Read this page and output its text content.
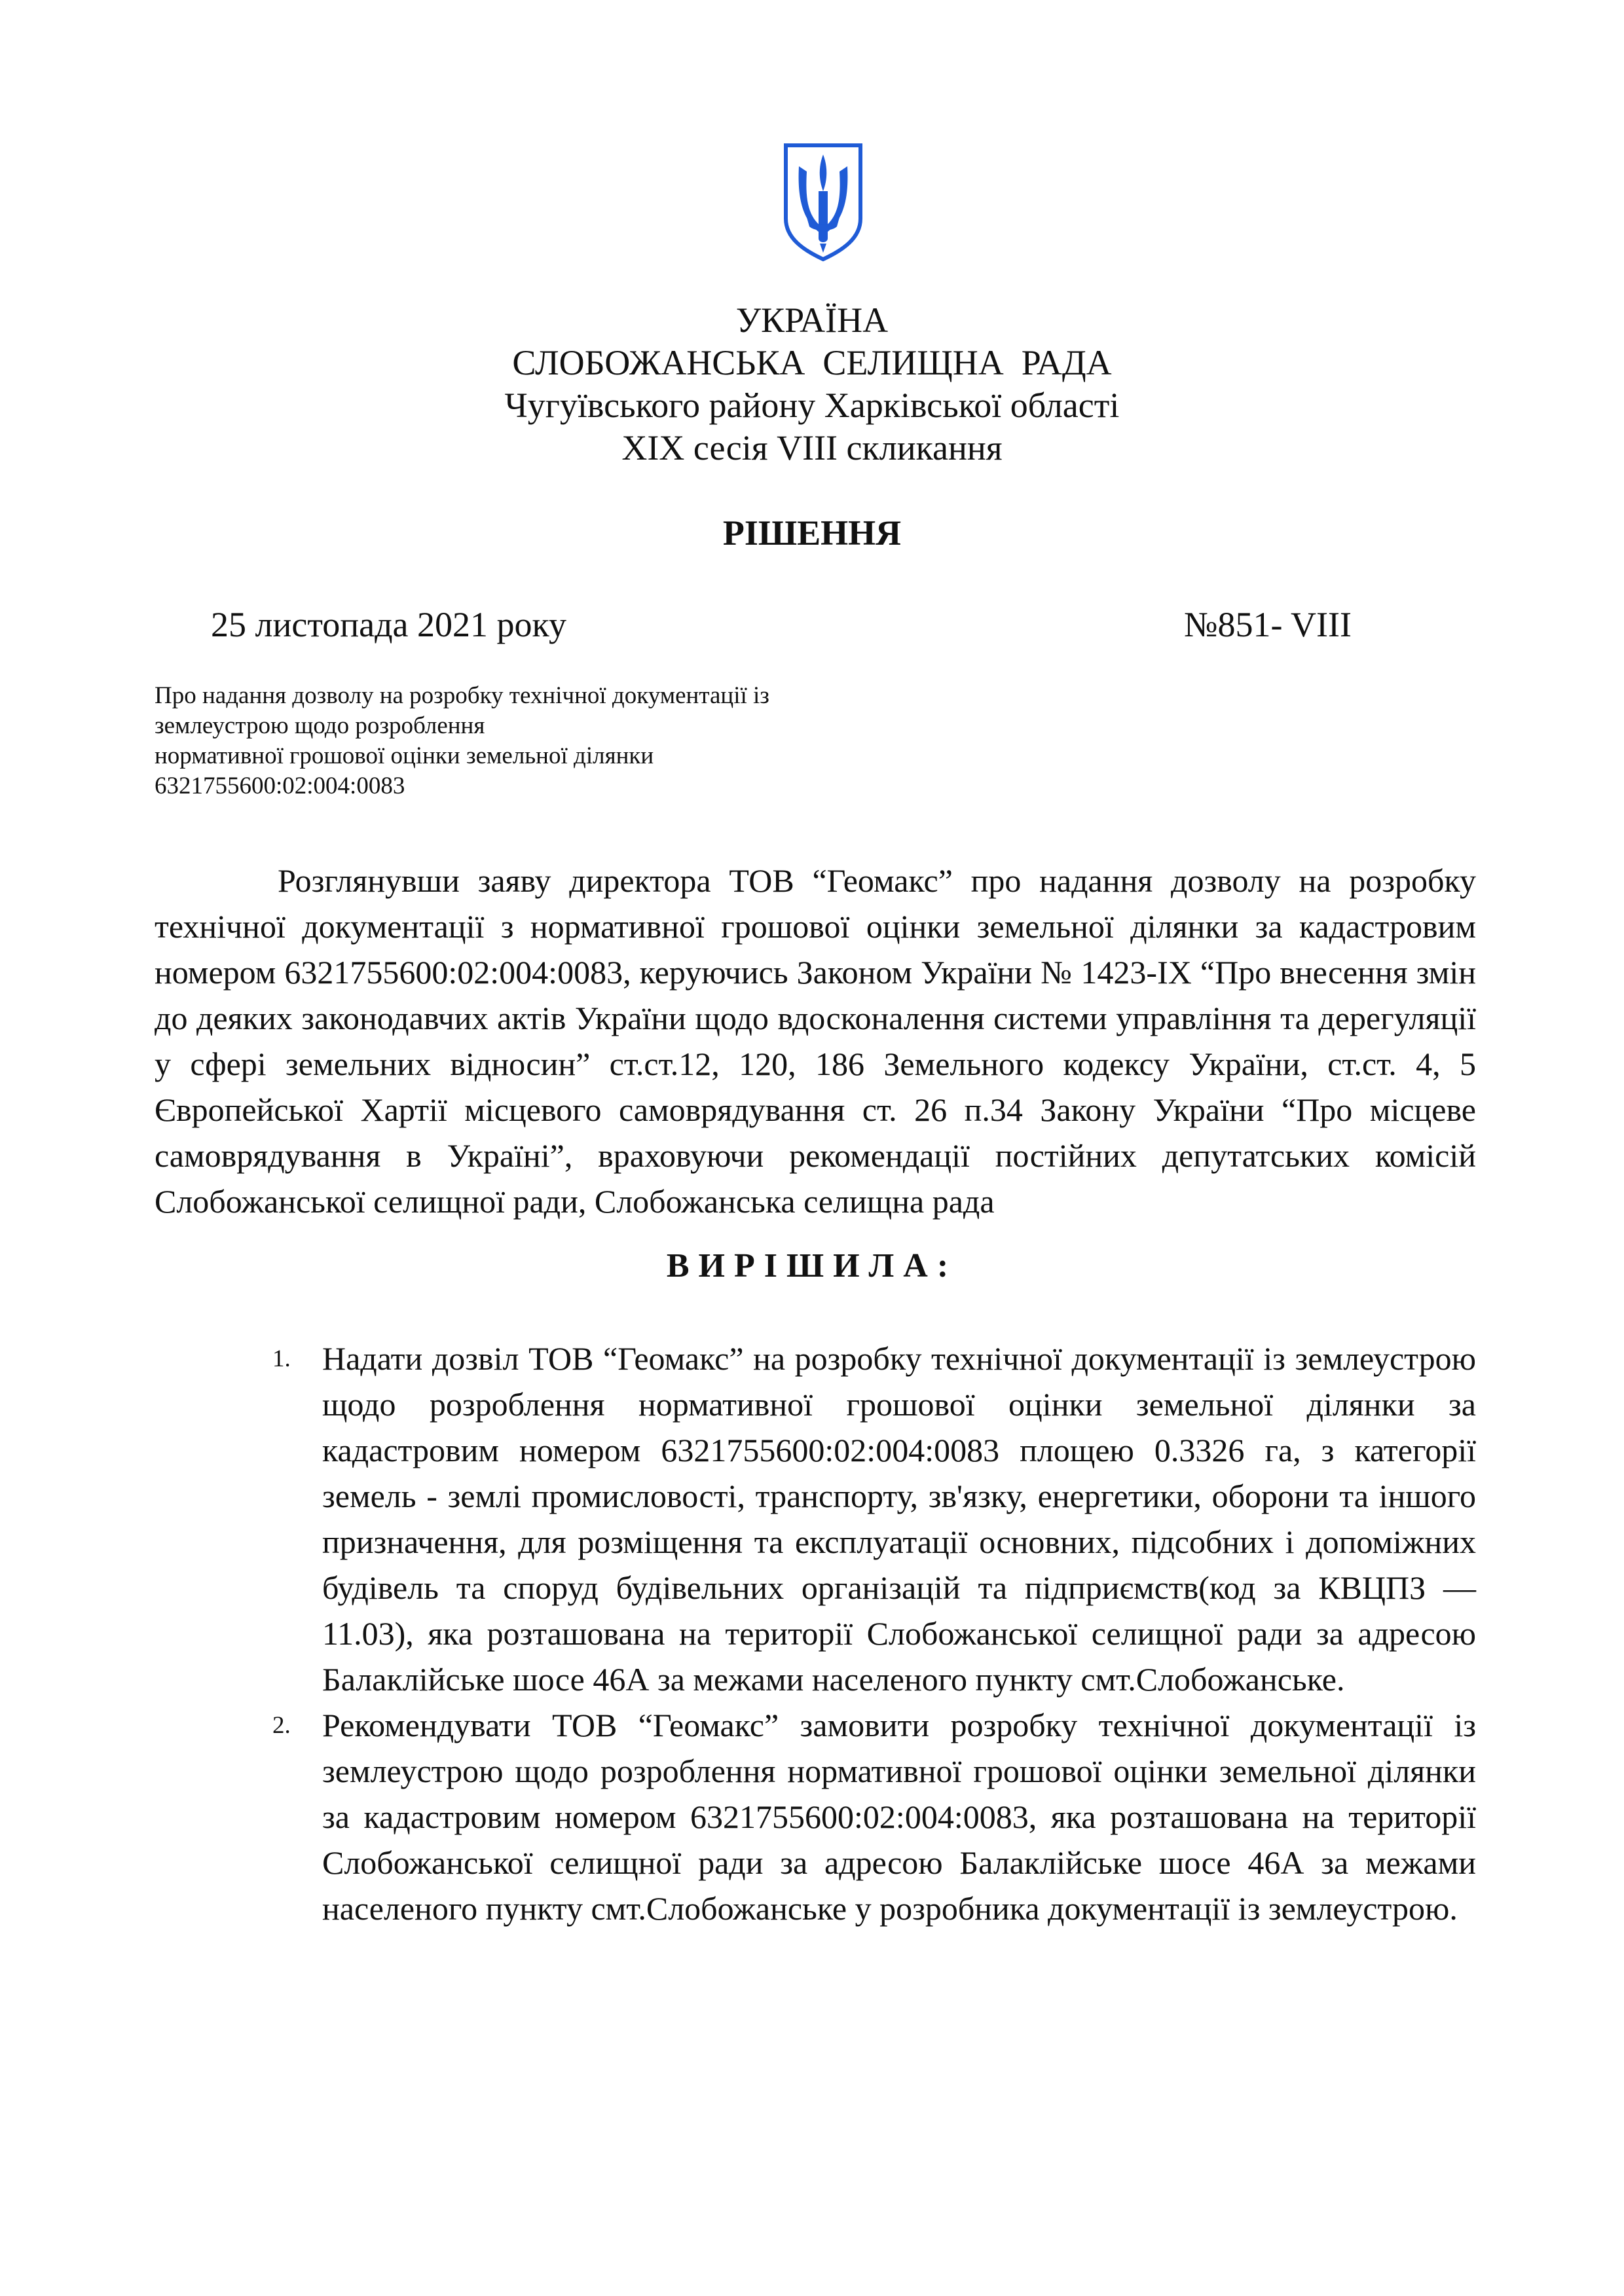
УКРАЇНА
СЛОБОЖАНСЬКА  СЕЛИЩНА  РАДА
Чугуївського району Харківської області
XIX сесія VIII скликання
РІШЕННЯ
25 листопада 2021 року	№851- VIII
Про надання дозволу на розробку технічної документації із
землеустрою щодо розроблення
нормативної грошової оцінки земельної ділянки
6321755600:02:004:0083
Розглянувши заяву директора ТОВ “Геомакс” про надання дозволу на розробку технічної документації з нормативної грошової оцінки земельної ділянки за кадастровим номером 6321755600:02:004:0083, керуючись Законом України № 1423-IX “Про внесення змін до деяких законодавчих актів України щодо вдосконалення системи управління та дерегуляції у сфері земельних відносин” ст.ст.12, 120, 186 Земельного кодексу України, ст.ст. 4, 5 Європейської Хартії місцевого самоврядування ст. 26 п.34 Закону України “Про місцеве самоврядування в Україні”, враховуючи рекомендації постійних депутатських комісій Слобожанської селищної ради, Слобожанська селищна рада
ВИРІШИЛА:
1. Надати дозвіл ТОВ “Геомакс” на розробку технічної документації із землеустрою щодо розроблення нормативної грошової оцінки земельної ділянки за кадастровим номером 6321755600:02:004:0083 площею 0.3326 га, з категорії земель - землі промисловості, транспорту, зв'язку, енергетики, оборони та іншого призначення, для розміщення та експлуатації основних, підсобних і допоміжних будівель та споруд будівельних організацій та підприємств(код за КВЦПЗ — 11.03), яка розташована на території Слобожанської селищної ради за адресою Балаклійське шосе 46А за межами населеного пункту смт.Слобожанське.
2. Рекомендувати ТОВ “Геомакс” замовити розробку технічної документації із землеустрою щодо розроблення нормативної грошової оцінки земельної ділянки за кадастровим номером 6321755600:02:004:0083, яка розташована на території Слобожанської селищної ради за адресою Балаклійське шосе 46А за межами населеного пункту смт.Слобожанське у розробника документації із землеустрою.
